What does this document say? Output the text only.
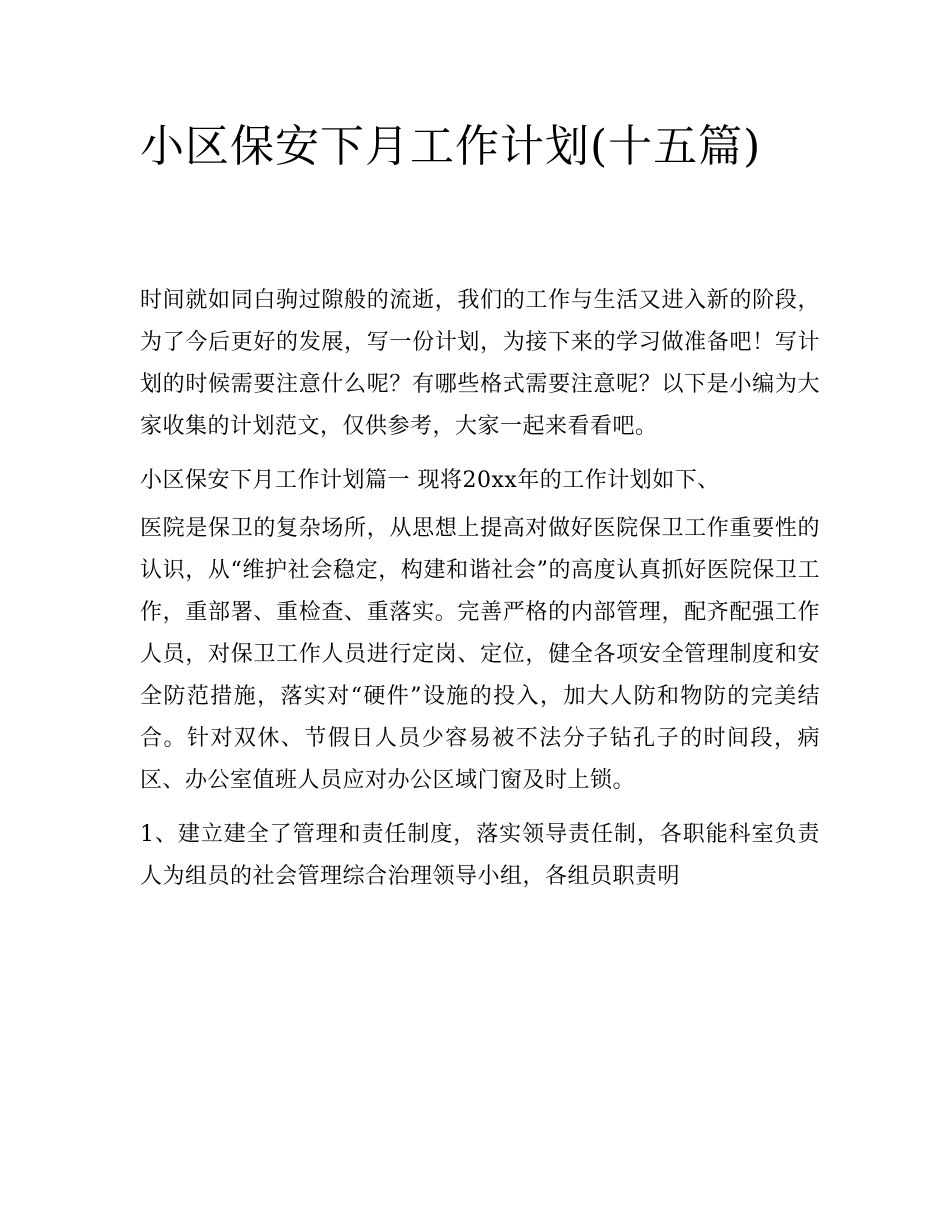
小区保安下月工作计划(十五篇)

时间就如同白驹过隙般的流逝，我们的工作与生活又进入新的阶段，为了今后更好的发展，写一份计划，为接下来的学习做准备吧！写计划的时候需要注意什么呢？有哪些格式需要注意呢？以下是小编为大家收集的计划范文，仅供参考，大家一起来看看吧。

小区保安下月工作计划篇一 现将20xx年的工作计划如下、

医院是保卫的复杂场所，从思想上提高对做好医院保卫工作重要性的认识，从“维护社会稳定，构建和谐社会”的高度认真抓好医院保卫工作，重部署、重检查、重落实。完善严格的内部管理，配齐配强工作人员，对保卫工作人员进行定岗、定位，健全各项安全管理制度和安全防范措施，落实对“硬件”设施的投入，加大人防和物防的完美结合。针对双休、节假日人员少容易被不法分子钻孔子的时间段，病区、办公室值班人员应对办公区域门窗及时上锁。

1、建立建全了管理和责任制度，落实领导责任制，各职能科室负责人为组员的社会管理综合治理领导小组，各组员职责明
